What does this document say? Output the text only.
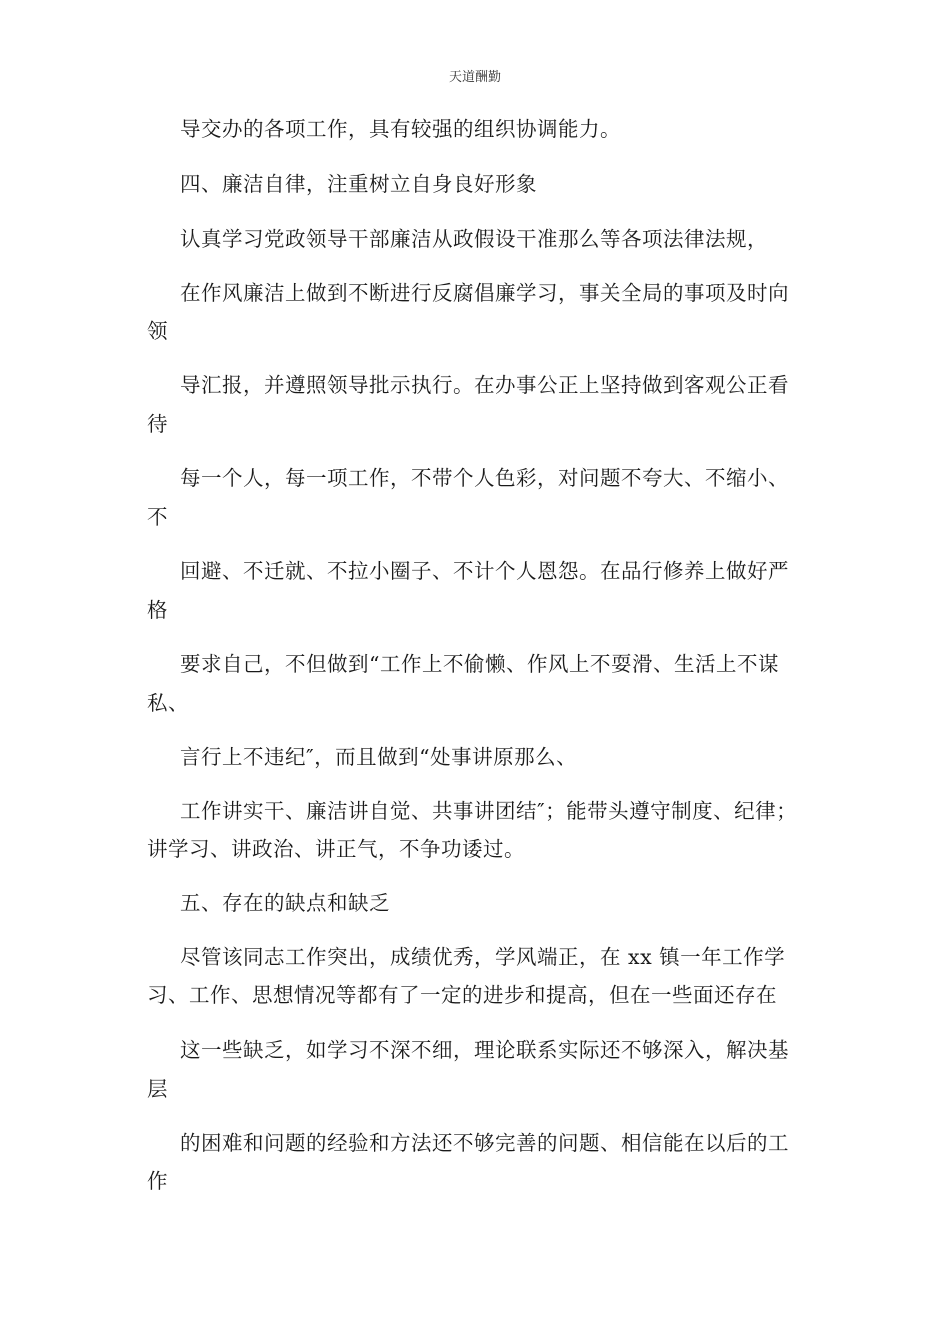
天道酬勤
导交办的各项工作，具有较强的组织协调能力。
四、廉洁自律，注重树立自身良好形象
认真学习党政领导干部廉洁从政假设干准那么等各项法律法规，
在作风廉洁上做到不断进行反腐倡廉学习，事关全局的事项及时向
领
导汇报，并遵照领导批示执行。在办事公正上坚持做到客观公正看
待
每一个人，每一项工作，不带个人色彩，对问题不夸大、不缩小、
不
回避、不迁就、不拉小圈子、不计个人恩怨。在品行修养上做好严
格
要求自己，不但做到“工作上不偷懒、作风上不耍滑、生活上不谋
私、
言行上不违纪″，而且做到“处事讲原那么、
工作讲实干、廉洁讲自觉、共事讲团结″；能带头遵守制度、纪律；
讲学习、讲政治、讲正气，不争功诿过。
五、存在的缺点和缺乏
尽管该同志工作突出，成绩优秀，学风端正，在 xx 镇一年工作学
习、工作、思想情况等都有了一定的进步和提高，但在一些面还存在
这一些缺乏，如学习不深不细，理论联系实际还不够深入，解决基
层
的困难和问题的经验和方法还不够完善的问题、相信能在以后的工
作
